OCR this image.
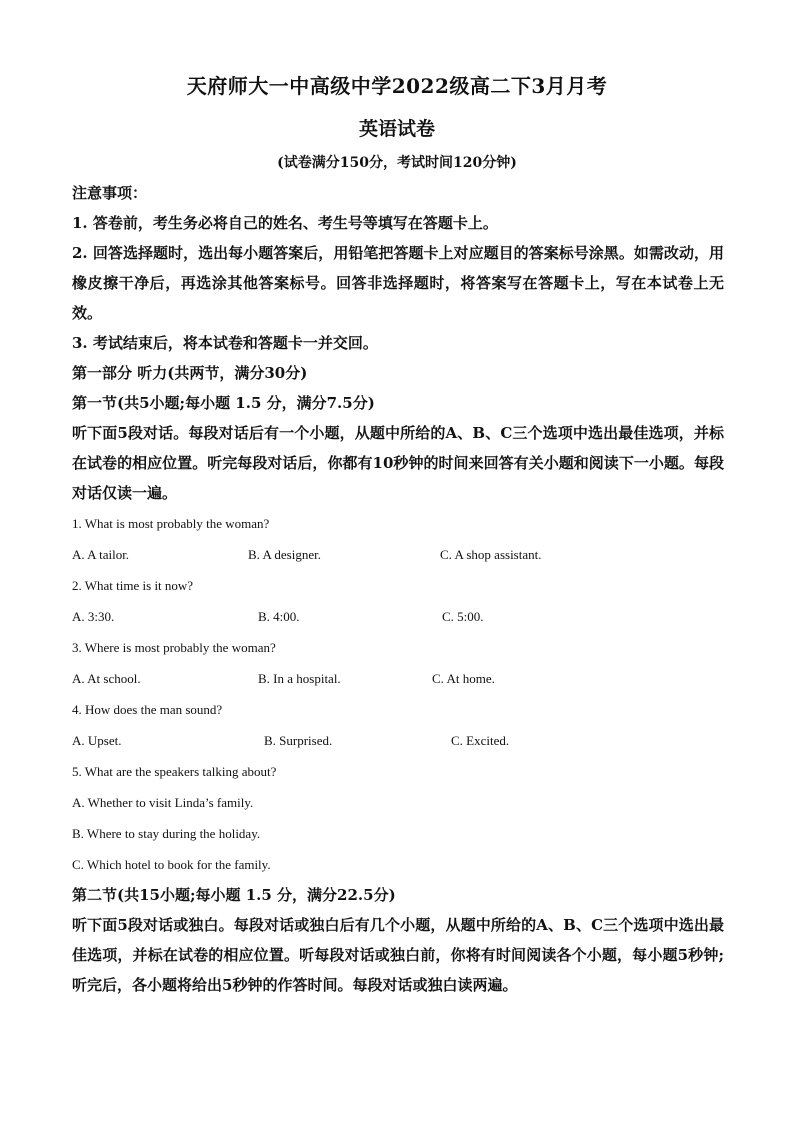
天府师大一中高级中学2022级高二下3月月考
英语试卷
(试卷满分150分，考试时间120分钟)

注意事项：

1. 答卷前，考生务必将自己的姓名、考生号等填写在答题卡上。

2. 回答选择题时，选出每小题答案后，用铅笔把答题卡上对应题目的答案标号涂黑。如需改动，用橡皮擦干净后，再选涂其他答案标号。回答非选择题时，将答案写在答题卡上，写在本试卷上无效。

3. 考试结束后，将本试卷和答题卡一并交回。

第一部分 听力(共两节，满分30分)

第一节(共5小题;每小题 1.5 分，满分7.5分)

听下面5段对话。每段对话后有一个小题，从题中所给的A、B、C三个选项中选出最佳选项，并标在试卷的相应位置。听完每段对话后，你都有10秒钟的时间来回答有关小题和阅读下一小题。每段对话仅读一遍。

1. What is most probably the woman?

A. A tailor.	B. A designer.	C. A shop assistant.

2. What time is it now?

A. 3:30.	B. 4:00.	C. 5:00.

3. Where is most probably the woman?

A. At school.	B. In a hospital.	C. At home.

4. How does the man sound?

A. Upset.	B. Surprised.	C. Excited.

5. What are the speakers talking about?

A. Whether to visit Linda’s family.

B. Where to stay during the holiday.

C. Which hotel to book for the family.

第二节(共15小题;每小题 1.5 分，满分22.5分)

听下面5段对话或独白。每段对话或独白后有几个小题，从题中所给的A、B、C三个选项中选出最佳选项，并标在试卷的相应位置。听每段对话或独白前，你将有时间阅读各个小题，每小题5秒钟;听完后，各小题将给出5秒钟的作答时间。每段对话或独白读两遍。
